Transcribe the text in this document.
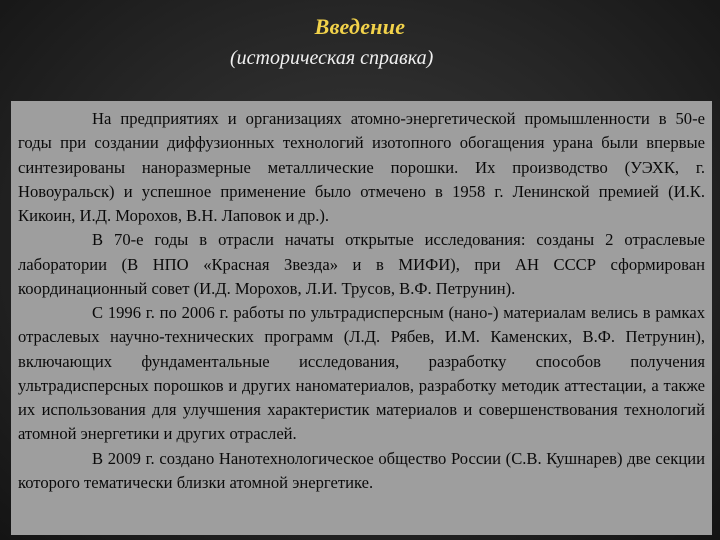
Введение
(историческая справка)

На предприятиях и организациях атомно-энергетической промышленности в 50-е годы при создании диффузионных технологий изотопного обогащения урана были впервые синтезированы наноразмерные металлические порошки. Их производство (УЭХК, г. Новоуральск) и успешное применение было отмечено в 1958 г. Ленинской премией (И.К. Кикоин, И.Д. Морохов, В.Н. Лаповок и др.).

В 70-е годы в отрасли начаты открытые исследования: созданы 2 отраслевые лаборатории (В НПО «Красная Звезда» и в МИФИ), при АН СССР сформирован координационный совет (И.Д. Морохов, Л.И. Трусов, В.Ф. Петрунин).

С 1996 г. по 2006 г. работы по ультрадисперсным (нано-) материалам велись в рамках отраслевых научно-технических программ (Л.Д. Рябев, И.М. Каменских, В.Ф. Петрунин), включающих фундаментальные исследования, разработку способов получения ультрадисперсных порошков и других наноматериалов, разработку методик аттестации, а также их использования для улучшения характеристик материалов и совершенствования технологий атомной энергетики и других отраслей.

В 2009 г. создано Нанотехнологическое общество России (С.В. Кушнарев) две секции которого тематически близки атомной энергетике.
